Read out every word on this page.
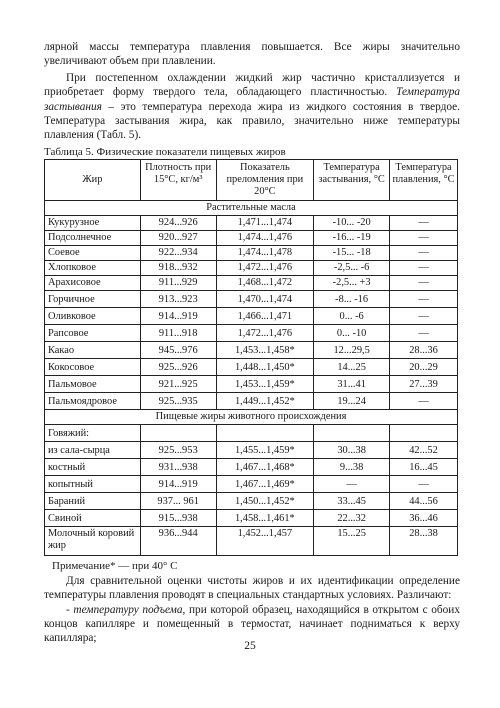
лярной массы температура плавления повышается. Все жиры значительно увеличивают объем при плавлении.

При постепенном охлаждении жидкий жир частично кристаллизуется и приобретает форму твердого тела, обладающего пластичностью. Температура застывания – это температура перехода жира из жидкого состояния в твердое. Температура застывания жира, как правило, значительно ниже температуры плавления (Табл. 5).

Таблица 5. Физические показатели пищевых жиров
Жир	Плотность при 15°С, кг/м³	Показатель преломления при 20°С	Температура застывания, °С	Температура плавления, °С
Растительные масла				
Кукурузное	924...926	1,471...1,474	-10... -20	—
Подсолнечное	920...927	1,474...1,476	-16... -19	—
Соевое	922...934	1,474...1,478	-15... -18	—
Хлопковое	918...932	1,472...1,476	-2,5... -6	—
Арахисовое	911...929	1,468...1,472	-2,5... +3	—
Горчичное	913...923	1,470...1,474	-8... -16	—
Оливковое	914...919	1,466...1,471	0... -6	—
Рапсовое	911...918	1,472...1,476	0... -10	—
Какао	945...976	1,453...1,458*	12...29,5	28...36
Кокосовое	925...926	1,448...1,450*	14...25	20...29
Пальмовое	921...925	1,453...1,459*	31...41	27...39
Пальмоядровое	925...935	1,449...1,452*	19...24	—
Пищевые жиры животного происхождения				
Говяжий:				
из сала-сырца	925...953	1,455...1,459*	30...38	42...52
костный	931...938	1,467...1,468*	9...38	16...45
копытный	914...919	1,467...1,469*	—	—
Бараний	937... 961	1,450...1,452*	33...45	44...56
Свиной	915...938	1,458...1,461*	22...32	36...46
Молочный коровий жир	936...944	1,452...1,457	15...25	28...38
Примечание* — при 40° С

Для сравнительной оценки чистоты жиров и их идентификации определение температуры плавления проводят в специальных стандартных условиях. Различают:

- температуру подъема, при которой образец, находящийся в открытом с обоих концов капилляре и помещенный в термостат, начинает подниматься к верху капилляра;

25
